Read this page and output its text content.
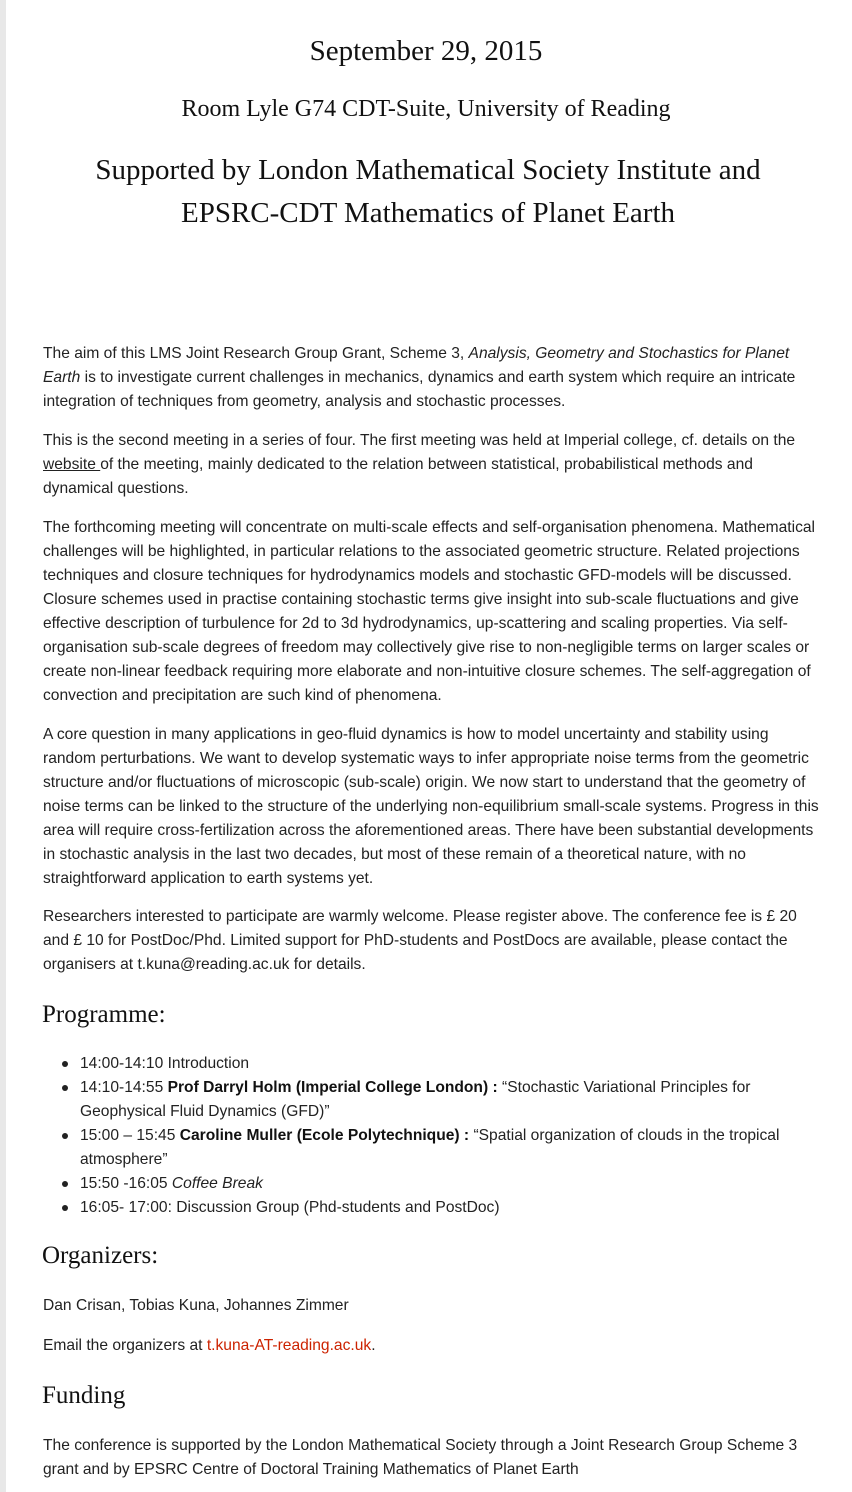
September 29, 2015
Room Lyle G74 CDT-Suite, University of Reading
Supported by London Mathematical Society Institute and
EPSRC-CDT Mathematics of Planet Earth

The aim of this LMS Joint Research Group Grant, Scheme 3, Analysis, Geometry and Stochastics for Planet Earth is to investigate current challenges in mechanics, dynamics and earth system which require an intricate integration of techniques from geometry, analysis and stochastic processes.

This is the second meeting in a series of four. The first meeting was held at Imperial college, cf. details on the website of the meeting, mainly dedicated to the relation between statistical, probabilistical methods and dynamical questions.

The forthcoming meeting will concentrate on multi-scale effects and self-organisation phenomena. Mathematical challenges will be highlighted, in particular relations to the associated geometric structure. Related projections techniques and closure techniques for hydrodynamics models and stochastic GFD-models will be discussed. Closure schemes used in practise containing stochastic terms give insight into sub-scale fluctuations and give effective description of turbulence for 2d to 3d hydrodynamics, up-scattering and scaling properties. Via self-organisation sub-scale degrees of freedom may collectively give rise to non-negligible terms on larger scales or create non-linear feedback requiring more elaborate and non-intuitive closure schemes. The self-aggregation of convection and precipitation are such kind of phenomena.

A core question in many applications in geo-fluid dynamics is how to model uncertainty and stability using random perturbations. We want to develop systematic ways to infer appropriate noise terms from the geometric structure and/or fluctuations of microscopic (sub-scale) origin. We now start to understand that the geometry of noise terms can be linked to the structure of the underlying non-equilibrium small-scale systems. Progress in this area will require cross-fertilization across the aforementioned areas. There have been substantial developments in stochastic analysis in the last two decades, but most of these remain of a theoretical nature, with no straightforward application to earth systems yet.

Researchers interested to participate are warmly welcome. Please register above. The conference fee is £ 20 and £ 10 for PostDoc/Phd. Limited support for PhD-students and PostDocs are available, please contact the organisers at t.kuna@reading.ac.uk for details.

Programme:
14:00-14:10 Introduction
14:10-14:55 Prof Darryl Holm (Imperial College London) : “Stochastic Variational Principles for Geophysical Fluid Dynamics (GFD)”
15:00 – 15:45 Caroline Muller (Ecole Polytechnique) : “Spatial organization of clouds in the tropical atmosphere”
15:50 -16:05 Coffee Break
16:05- 17:00: Discussion Group (Phd-students and PostDoc)
Organizers:
Dan Crisan, Tobias Kuna, Johannes Zimmer
Email the organizers at t.kuna-AT-reading.ac.uk.
Funding
The conference is supported by the London Mathematical Society through a Joint Research Group Scheme 3 grant and by EPSRC Centre of Doctoral Training Mathematics of Planet Earth
